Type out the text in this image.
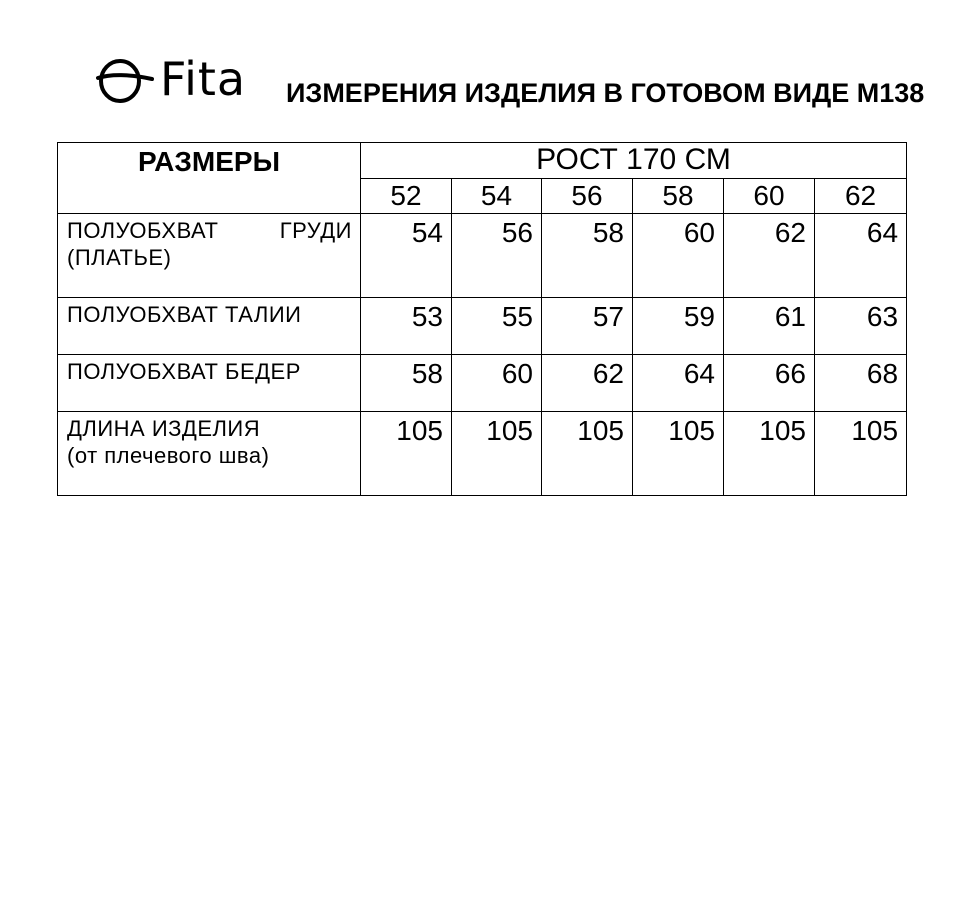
Fita ИЗМЕРЕНИЯ ИЗДЕЛИЯ В ГОТОВОМ ВИДЕ M138
РАЗМЕРЫ	РОСТ 170 СМ					
	52	54	56	58	60	62

ПОЛУОБХВАТ ГРУДИ
(ПЛАТЬЕ)	54	56	58	60	62	64
ПОЛУОБХВАТ ТАЛИИ	53	55	57	59	61	63
ПОЛУОБХВАТ БЕДЕР	58	60	62	64	66	68

ДЛИНА ИЗДЕЛИЯ
(от плечевого шва)	105	105	105	105	105	105
